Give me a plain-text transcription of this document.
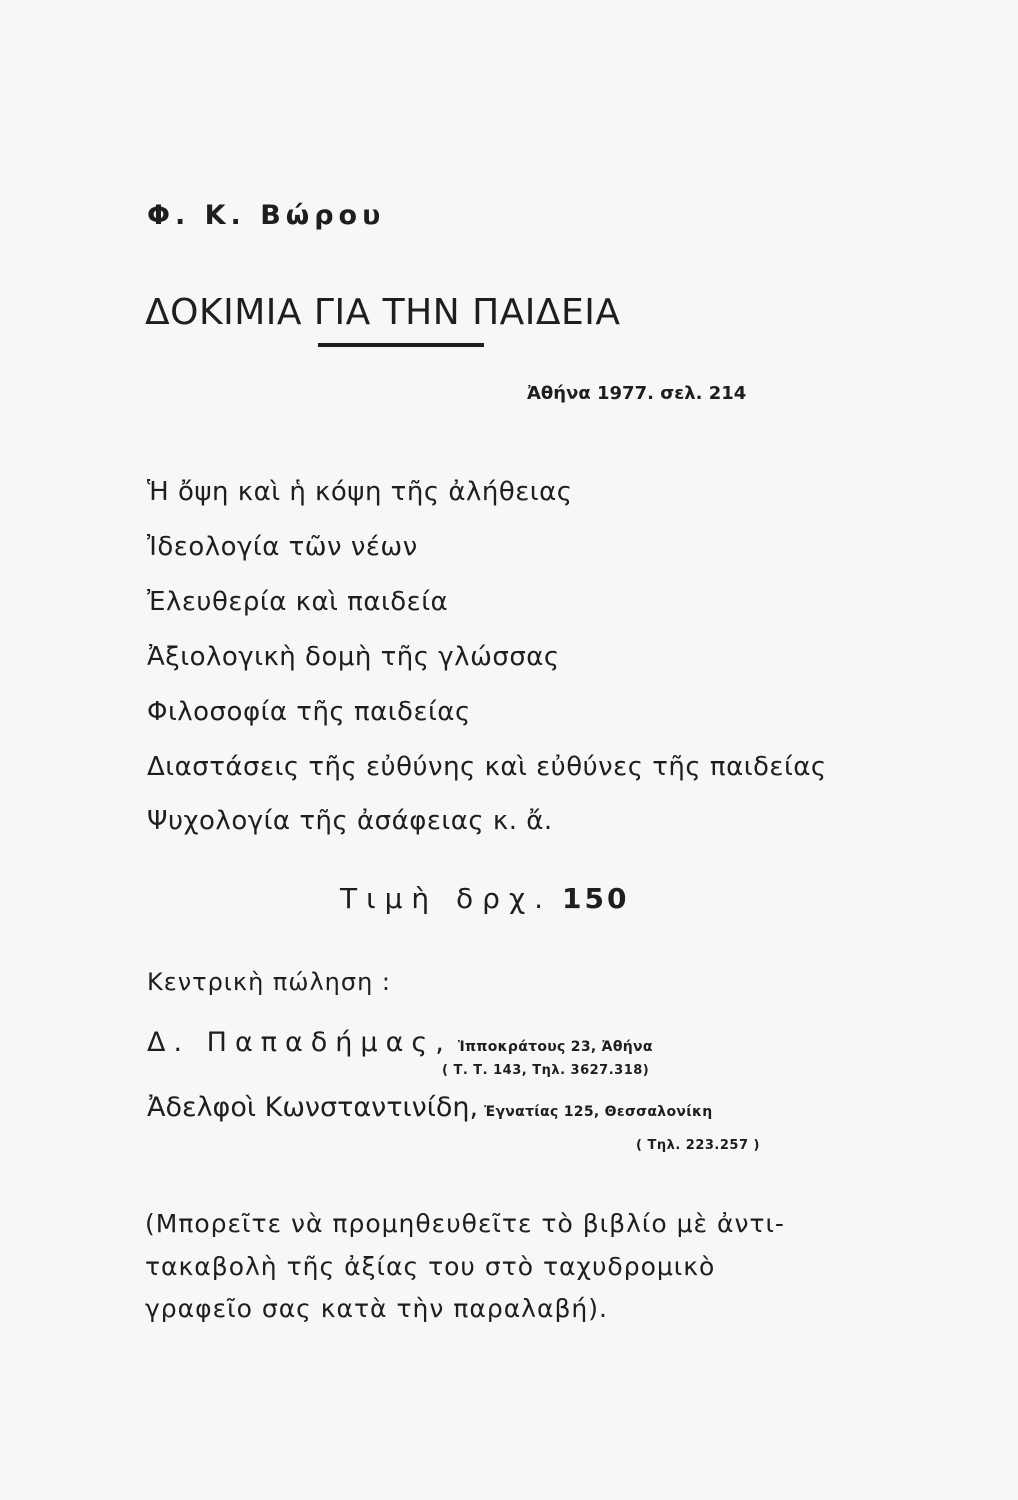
Φ. Κ. Βώρου
ΔΟΚΙΜΙΑ ΓΙΑ ΤΗΝ ΠΑΙΔΕΙΑ
Ἀθήνα 1977. σελ. 214
Ἡ ὄψη καὶ ἡ κόψη τῆς ἀλήθειας
Ἰδεολογία τῶν νέων
Ἐλευθερία καὶ παιδεία
Ἀξιολογικὴ δομὴ τῆς γλώσσας
Φιλοσοφία τῆς παιδείας
Διαστάσεις τῆς εὐθύνης καὶ εὐθύνες τῆς παιδείας
Ψυχολογία τῆς ἀσάφειας κ. ἄ.
Τιμὴ δρχ. 150
Κεντρικὴ πώληση :
Δ. Παπαδήμας, Ἱπποκράτους 23, Ἀθήνα
( Τ. Τ. 143, Τηλ. 3627.318)
Ἀδελφοὶ Κωνσταντινίδη, Ἐγνατίας 125, Θεσσαλονίκη
( Τηλ. 223.257 )
(Μπορεῖτε νὰ προμηθευθεῖτε τὸ βιβλίο μὲ ἀντι-
τακαβολὴ τῆς ἀξίας του στὸ ταχυδρομικὸ
γραφεῖο σας κατὰ τὴν παραλαβή).
